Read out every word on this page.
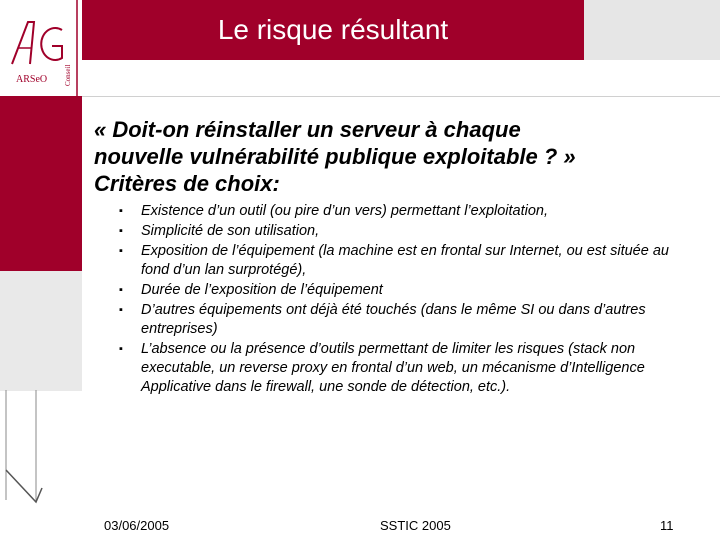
ARSeO Conseil
Le risque résultant
« Doit-on réinstaller un serveur à chaque
nouvelle vulnérabilité publique exploitable ? »
Critères de choix:
▪ Existence d’un outil (ou pire d’un vers) permettant l’exploitation,
▪ Simplicité de son utilisation,
▪ Exposition de l’équipement (la machine est en frontal sur Internet, ou est située au fond d’un lan surprotégé),
▪ Durée de l’exposition de l’équipement
▪ D’autres équipements ont déjà été touchés (dans le même SI ou dans d’autres entreprises)
▪ L’absence ou la présence d’outils permettant de limiter les risques (stack non executable, un reverse proxy en frontal d’un web, un mécanisme d’Intelligence Applicative dans le firewall, une sonde de détection, etc.).
03/06/2005	SSTIC 2005	11
